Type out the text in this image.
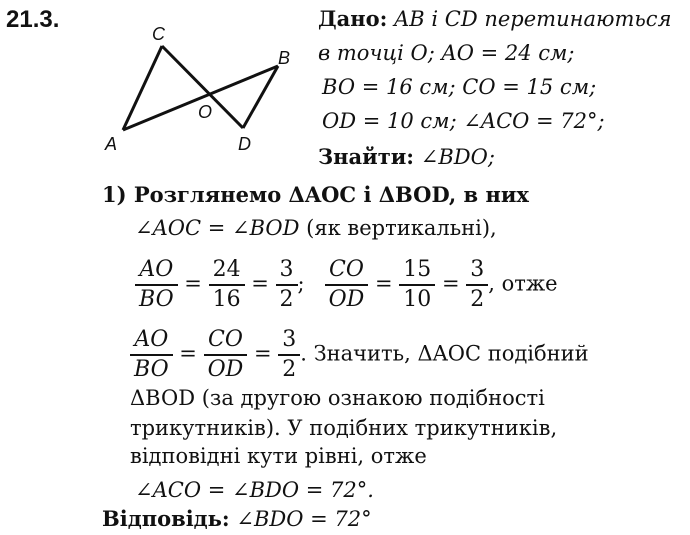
21.3.
C
B
O
A	D
Дано: AB і CD перетинаються
в точці O; AO = 24 см;
BO = 16 см; CO = 15 см;
OD = 10 см; ∠ACO = 72°;
Знайти: ∠BDO;
1) Розглянемо ΔAOC і ΔBOD, в них
∠AOC = ∠BOD (як вертикальні),
$\frac{AO}{BO} = \frac{24}{16} = \frac{3}{2}$ ; $\frac{CO}{OD} = \frac{15}{10} = \frac{3}{2}$ , отже
$\frac{AO}{BO} = \frac{CO}{OD} = \frac{3}{2}$ . Значить, ΔAOC подібний
ΔBOD (за другою ознакою подібності
трикутників). У подібних трикутників,
відповідні кути рівні, отже
∠ACO = ∠BDO = 72°.
Відповідь: ∠BDO = 72°
